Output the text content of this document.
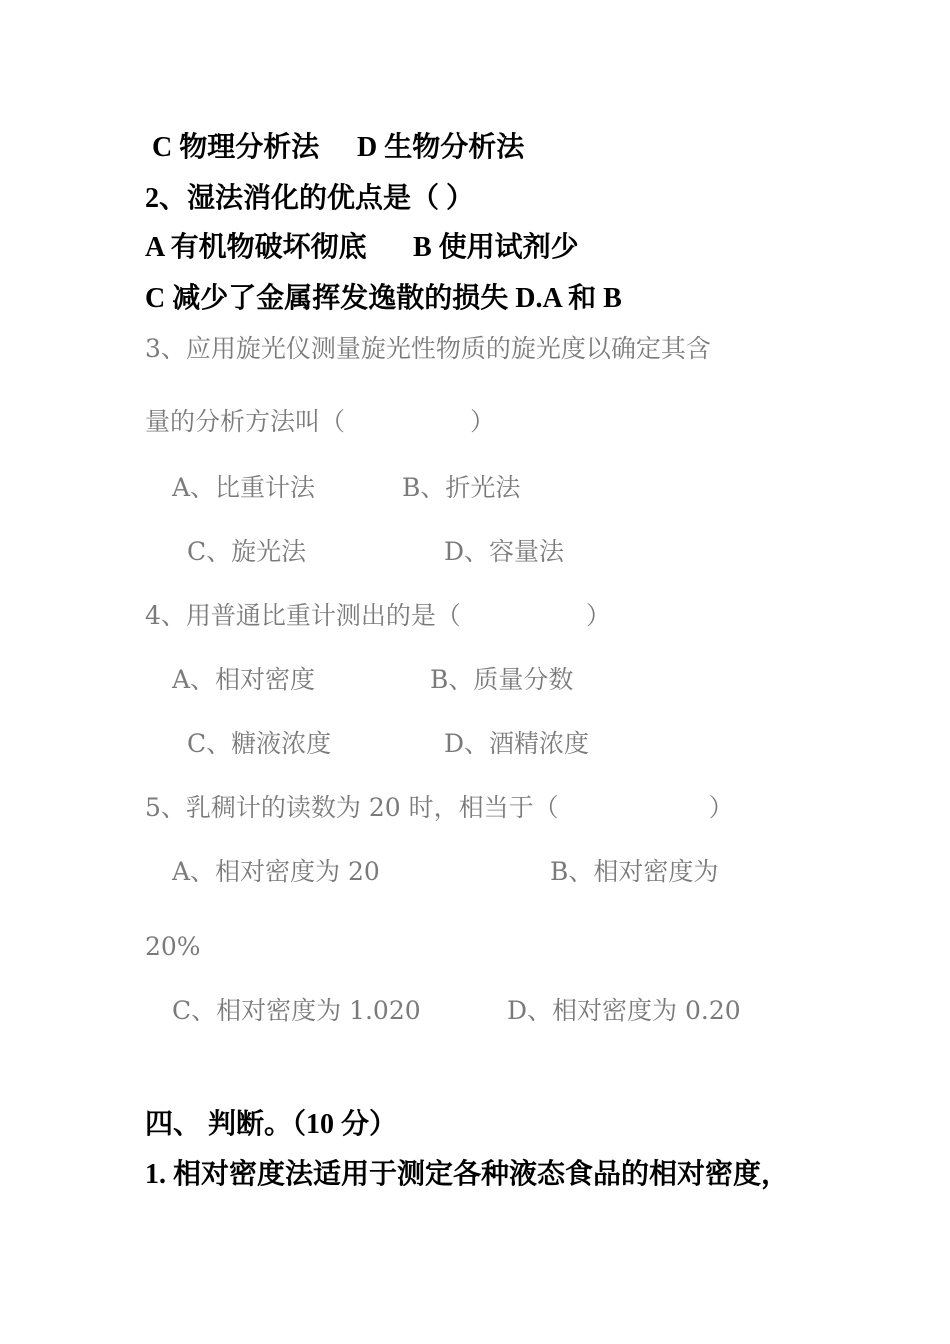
C 物理分析法

D 生物分析法

2、湿法消化的优点是（ ）

A 有机物破坏彻底

B 使用试剂少

C 减少了金属挥发逸散的损失 D.A 和 B
3、应用旋光仪测量旋光性物质的旋光度以确定其含
量的分析方法叫（　　　　　）

A、比重计法

	B、折光法

C、旋光法

	D、容量法

4、用普通比重计测出的是（　　　　　）

A、相对密度

	B、质量分数

C、糖液浓度

	D、酒精浓度

5、乳稠计的读数为 20 时，相当于（　　　　　　）

A、相对密度为 20

	B、相对密度为

20%

C、相对密度为 1.020

	D、相对密度为 0.20

四、 判断。（10 分）
1. 相对密度法适用于测定各种液态食品的相对密度，
